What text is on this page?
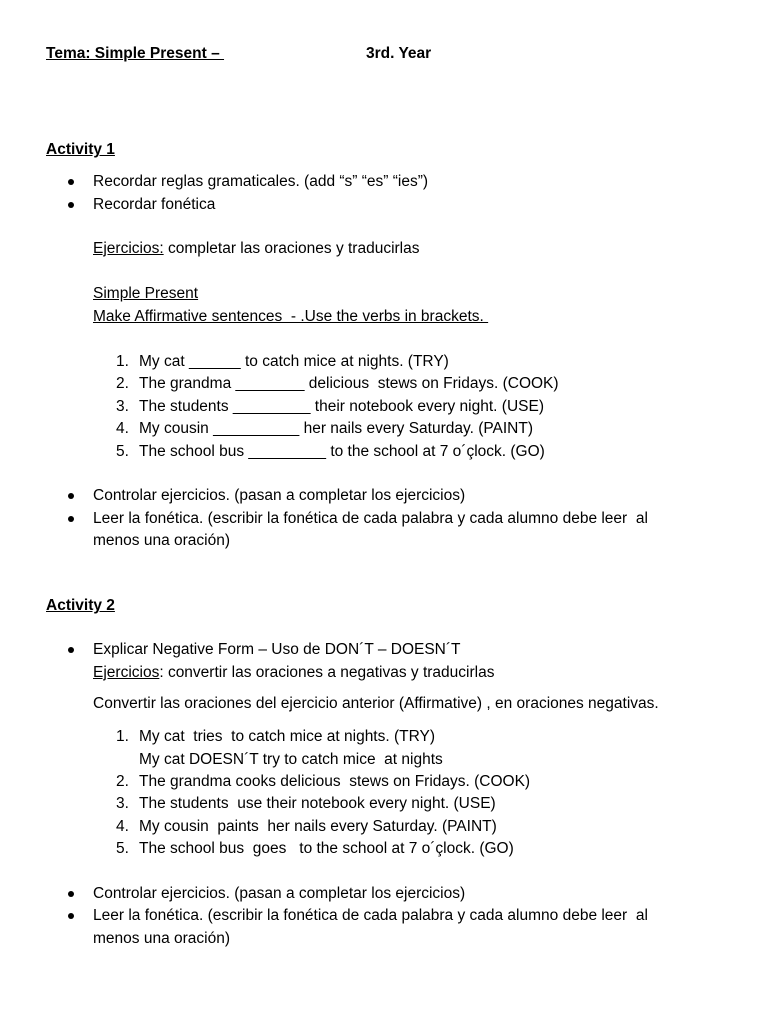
Tema: Simple Present –	3rd. Year
Activity 1
Recordar reglas gramaticales. (add “s” “es” “ies”)
Recordar fonética
Ejercicios: completar las oraciones y traducirlas
Simple Present
Make Affirmative sentences  - .Use the verbs in brackets.
1. My cat ______ to catch mice at nights. (TRY)
2. The grandma ________ delicious  stews on Fridays. (COOK)
3. The students _________ their notebook every night. (USE)
4. My cousin __________ her nails every Saturday. (PAINT)
5. The school bus _________ to the school at 7 o´çlock. (GO)
Controlar ejercicios. (pasan a completar los ejercicios)
Leer la fonética. (escribir la fonética de cada palabra y cada alumno debe leer  al
menos una oración)
Activity 2
Explicar Negative Form – Uso de DON´T – DOESN´T
Ejercicios: convertir las oraciones a negativas y traducirlas
Convertir las oraciones del ejercicio anterior (Affirmative) , en oraciones negativas.
1. My cat  tries  to catch mice at nights. (TRY)
My cat DOESN´T try to catch mice  at nights
2. The grandma cooks delicious  stews on Fridays. (COOK)
3. The students  use their notebook every night. (USE)
4. My cousin  paints  her nails every Saturday. (PAINT)
5. The school bus  goes   to the school at 7 o´çlock. (GO)
Controlar ejercicios. (pasan a completar los ejercicios)
Leer la fonética. (escribir la fonética de cada palabra y cada alumno debe leer  al
menos una oración)
